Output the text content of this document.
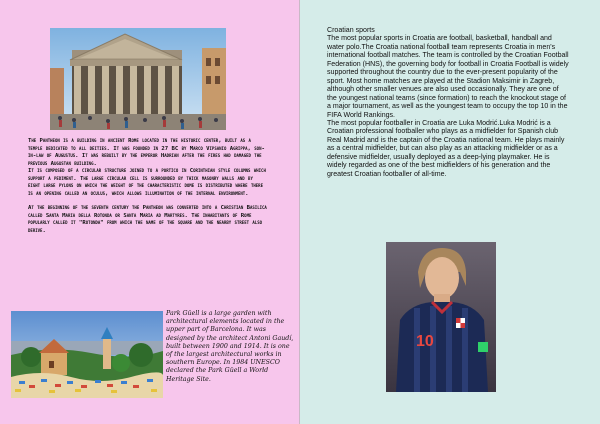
The Pantheon is a building in ancient Rome located in the historic center, built as a temple dedicated to all deities. It was founded in 27 BC by Marco Vipsanio Agrippa, son-in-law of Augustus. It was rebuilt by the emperor Hadrian after the fires had damaged the previous Augustan building.

It is composed of a circular structure joined to a portico in Corinthian style columns which support a pediment. The large circular cell is surrounded by thick masonry walls and by eight large pylons on which the weight of the characteristic dome is distributed where there is an opening called an oculus, which allows illumination of the internal environment.

At the beginning of the seventh century the Pantheon was converted into a Christian Basilica called Santa Maria della Rotonda or Santa Maria ad Martyres. The inhabitants of Rome popularly called it "Rotonda" from which the name of the square and the nearby street also derive.

Park Güell is a large garden with architectural elements located in the upper part of Barcelona. It was designed by the architect Antoni Gaudí, built between 1900 and 1914. It is one of the largest architectural works in southern Europe. In 1984 UNESCO declared the Park Güell a World Heritage Site.

Croatian sports

The most popular sports in Croatia are football, basketball, handball and water polo.The Croatia national football team represents Croatia in men's international football matches. The team is controlled by the Croatian Football Federation (HNS), the governing body for football in Croatia Football is widely supported throughout the country due to the ever-present popularity of the sport. Most home matches are played at the Stadion Maksimir in Zagreb, although other smaller venues are also used occasionally. They are one of the youngest national teams (since formation) to reach the knockout stage of a major tournament, as well as the youngest team to occupy the top 10 in the FIFA World Rankings.

The most popular footballer in Croatia are Luka Modrić.Luka Modrić is a Croatian professional footballer who plays as a midfielder for Spanish club Real Madrid and is the captain of the Croatia national team. He plays mainly as a central midfielder, but can also play as an attacking midfielder or as a defensive midfielder, usually deployed as a deep-lying playmaker. He is widely regarded as one of the best midfielders of his generation and the greatest Croatian footballer of all-time.

10
